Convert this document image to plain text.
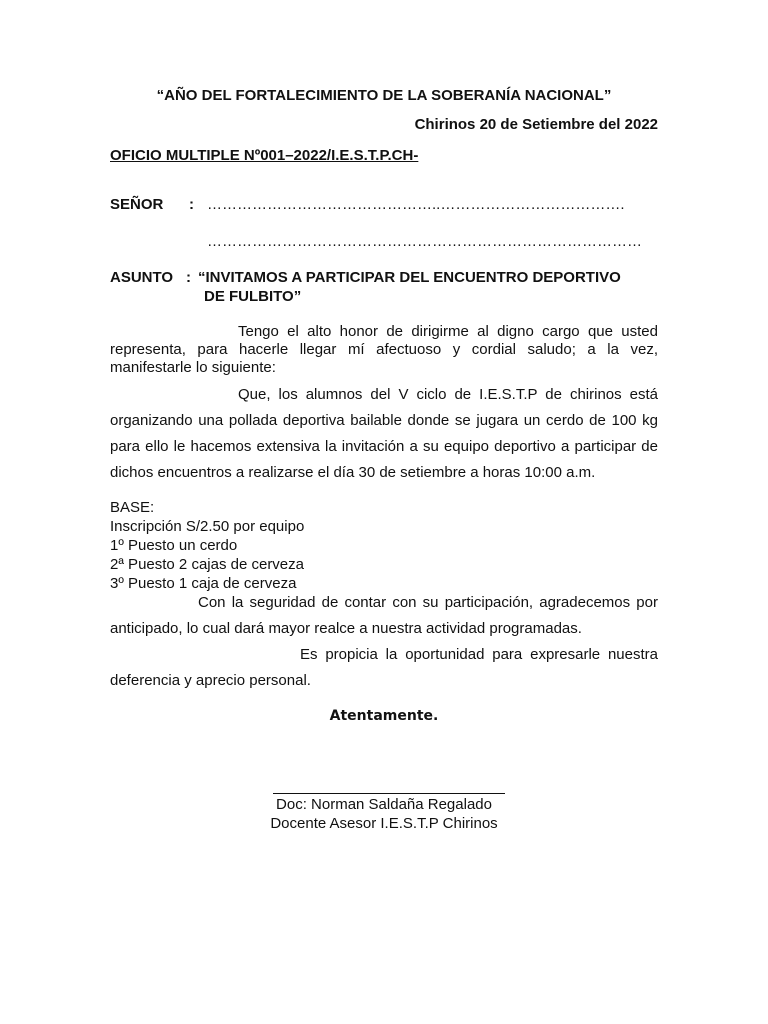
“AÑO DEL FORTALECIMIENTO DE LA SOBERANÍA NACIONAL”
Chirinos 20 de Setiembre del 2022
OFICIO MULTIPLE Nº001–2022/I.E.S.T.P.CH-
SEÑOR : ………………………………………..……………………………….
……………………………………………………………………………
ASUNTO : “INVITAMOS A PARTICIPAR DEL ENCUENTRO DEPORTIVO
DE FULBITO”
Tengo el alto honor de dirigirme al digno cargo que usted representa, para hacerle llegar mí afectuoso y cordial saludo; a la vez, manifestarle lo siguiente:
Que, los alumnos del V ciclo de I.E.S.T.P de chirinos está organizando una pollada deportiva bailable donde se jugara un cerdo de 100 kg para ello le hacemos extensiva la invitación a su equipo deportivo a participar de dichos encuentros a realizarse el día 30 de setiembre a horas 10:00 a.m.
BASE:
Inscripción S/2.50 por equipo
1º Puesto un cerdo
2ª Puesto 2 cajas de cerveza
3º Puesto 1 caja de cerveza
Con la seguridad de contar con su participación, agradecemos por anticipado, lo cual dará mayor realce a nuestra actividad programadas.
Es propicia la oportunidad para expresarle nuestra deferencia y aprecio personal.
Atentamente.
Doc: Norman Saldaña Regalado
Docente Asesor I.E.S.T.P Chirinos
